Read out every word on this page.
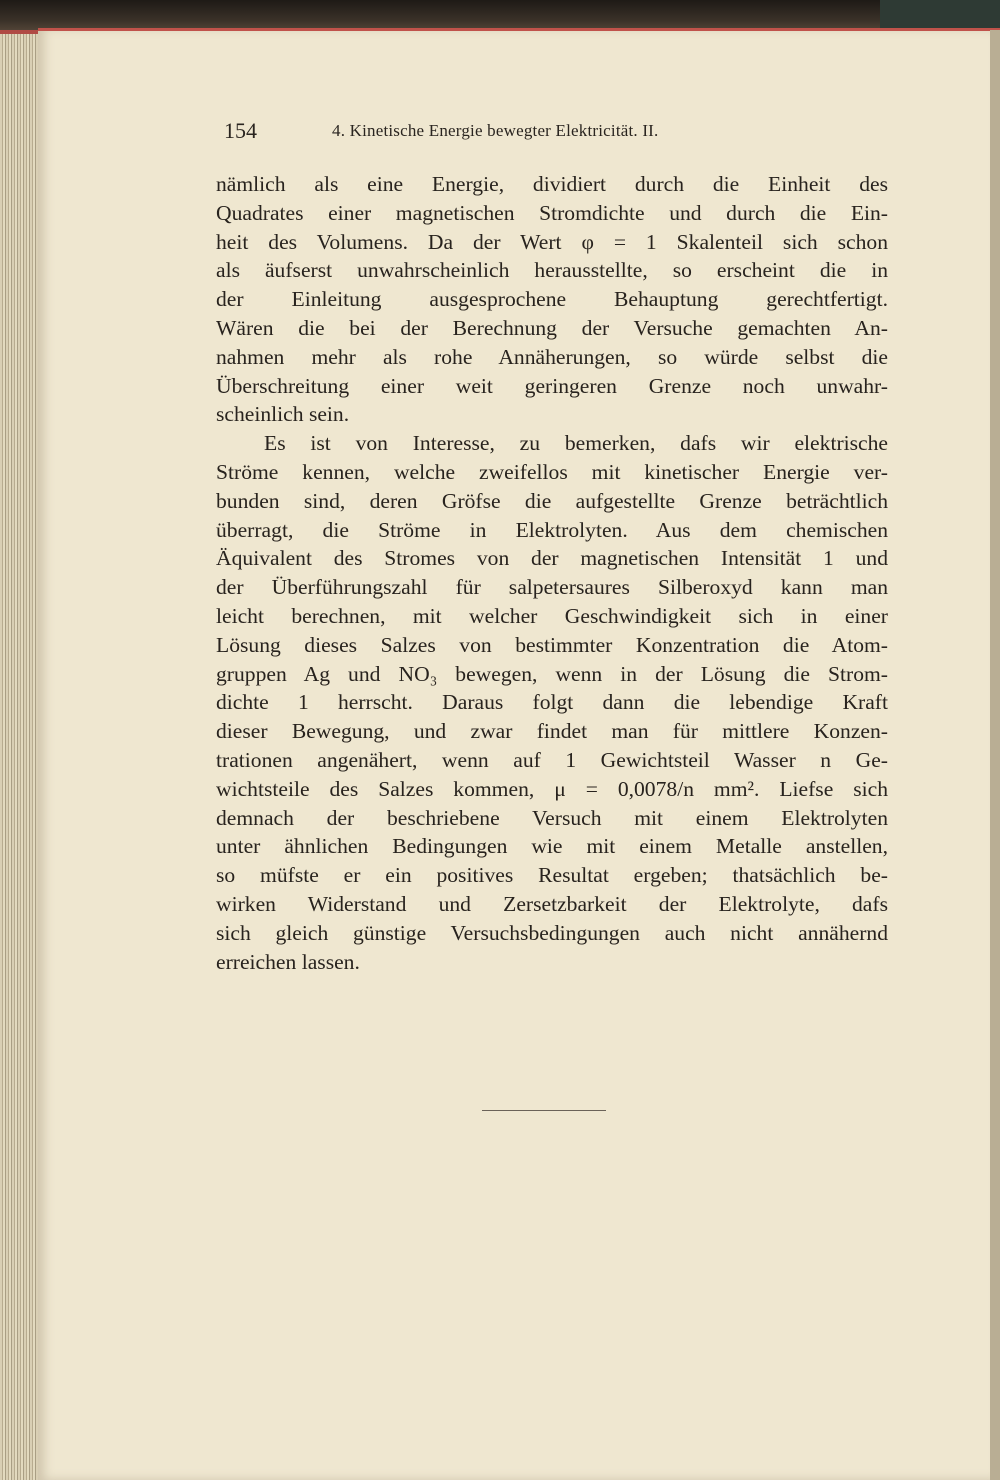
154	4. Kinetische Energie bewegter Elektricität. II.
nämlich als eine Energie, dividiert durch die Einheit des
Quadrates einer magnetischen Stromdichte und durch die Ein-
heit des Volumens. Da der Wert φ = 1 Skalenteil sich schon
als äufserst unwahrscheinlich herausstellte, so erscheint die in
der Einleitung ausgesprochene Behauptung gerechtfertigt.
Wären die bei der Berechnung der Versuche gemachten An-
nahmen mehr als rohe Annäherungen, so würde selbst die
Überschreitung einer weit geringeren Grenze noch unwahr-
scheinlich sein.
Es ist von Interesse, zu bemerken, dafs wir elektrische
Ströme kennen, welche zweifellos mit kinetischer Energie ver-
bunden sind, deren Gröfse die aufgestellte Grenze beträchtlich
überragt, die Ströme in Elektrolyten. Aus dem chemischen
Äquivalent des Stromes von der magnetischen Intensität 1 und
der Überführungszahl für salpetersaures Silberoxyd kann man
leicht berechnen, mit welcher Geschwindigkeit sich in einer
Lösung dieses Salzes von bestimmter Konzentration die Atom-
gruppen Ag und NO₃ bewegen, wenn in der Lösung die Strom-
dichte 1 herrscht. Daraus folgt dann die lebendige Kraft
dieser Bewegung, und zwar findet man für mittlere Konzen-
trationen angenähert, wenn auf 1 Gewichtsteil Wasser n Ge-
wichtsteile des Salzes kommen, μ = 0,0078/n mm². Liefse sich
demnach der beschriebene Versuch mit einem Elektrolyten
unter ähnlichen Bedingungen wie mit einem Metalle anstellen,
so müfste er ein positives Resultat ergeben; thatsächlich be-
wirken Widerstand und Zersetzbarkeit der Elektrolyte, dafs
sich gleich günstige Versuchsbedingungen auch nicht annähernd
erreichen lassen.
